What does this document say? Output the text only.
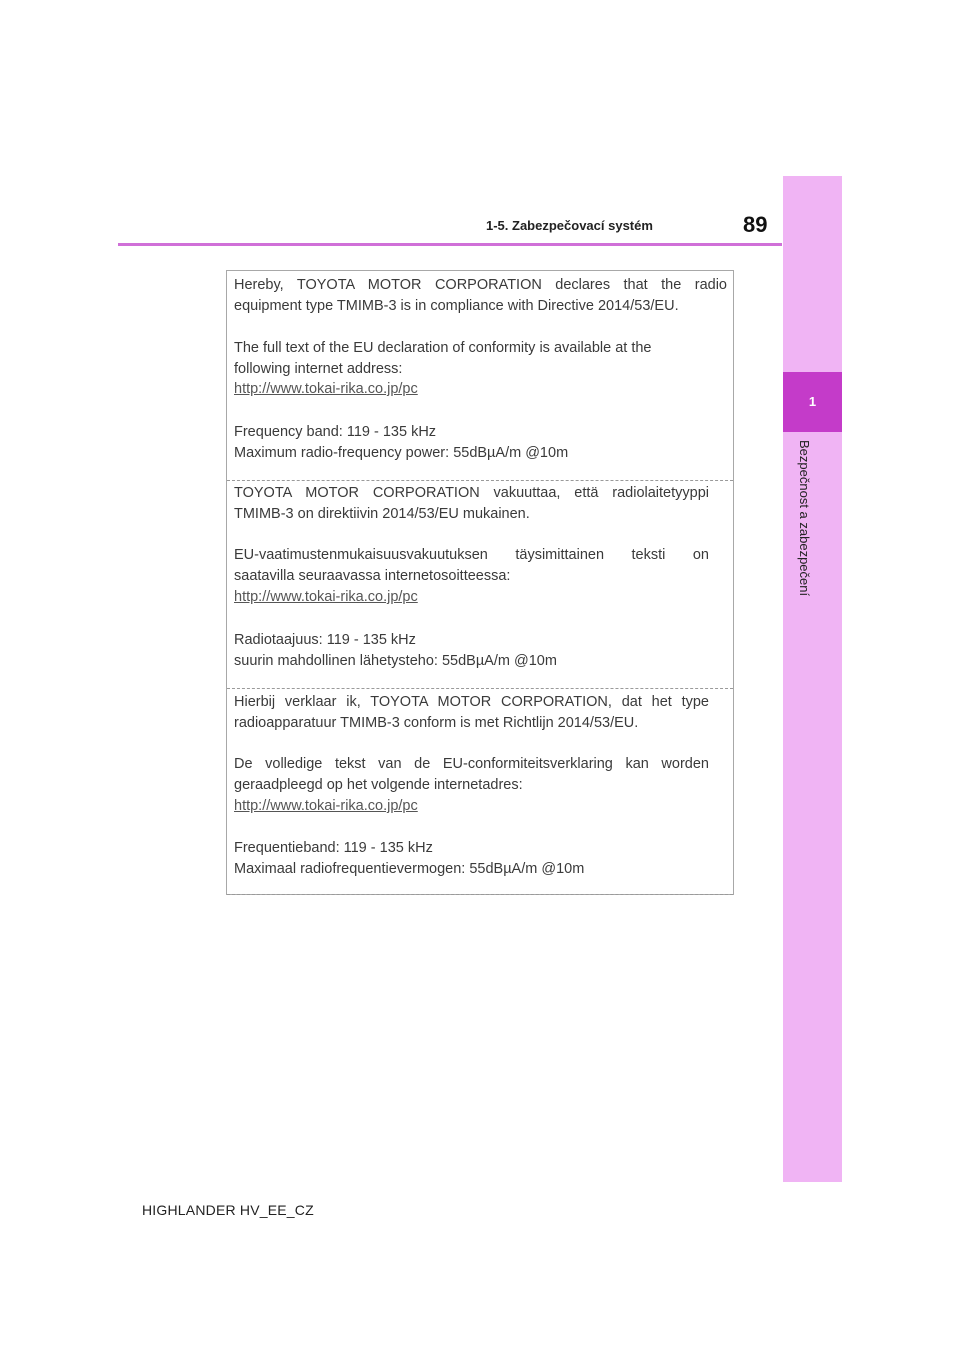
1-5. Zabezpečovací systém	89
1
Bezpečnost a zabezpečení
Hereby, TOYOTA MOTOR CORPORATION declares that the radio
equipment type TMIMB-3 is in compliance with Directive 2014/53/EU.
The full text of the EU declaration of conformity is available at the
following internet address:
http://www.tokai-rika.co.jp/pc
Frequency band: 119 - 135 kHz
Maximum radio-frequency power: 55dBµA/m @10m
TOYOTA MOTOR CORPORATION vakuuttaa, että radiolaitetyyppi
TMIMB-3 on direktiivin 2014/53/EU mukainen.
EU-vaatimustenmukaisuusvakuutuksen täysimittainen teksti on
saatavilla seuraavassa internetosoitteessa:
http://www.tokai-rika.co.jp/pc
Radiotaajuus: 119 - 135 kHz
suurin mahdollinen lähetysteho: 55dBµA/m @10m
Hierbij verklaar ik, TOYOTA MOTOR CORPORATION, dat het type
radioapparatuur TMIMB-3 conform is met Richtlijn 2014/53/EU.
De volledige tekst van de EU-conformiteitsverklaring kan worden
geraadpleegd op het volgende internetadres:
http://www.tokai-rika.co.jp/pc
Frequentieband: 119 - 135 kHz
Maximaal radiofrequentievermogen: 55dBµA/m @10m
HIGHLANDER HV_EE_CZ
